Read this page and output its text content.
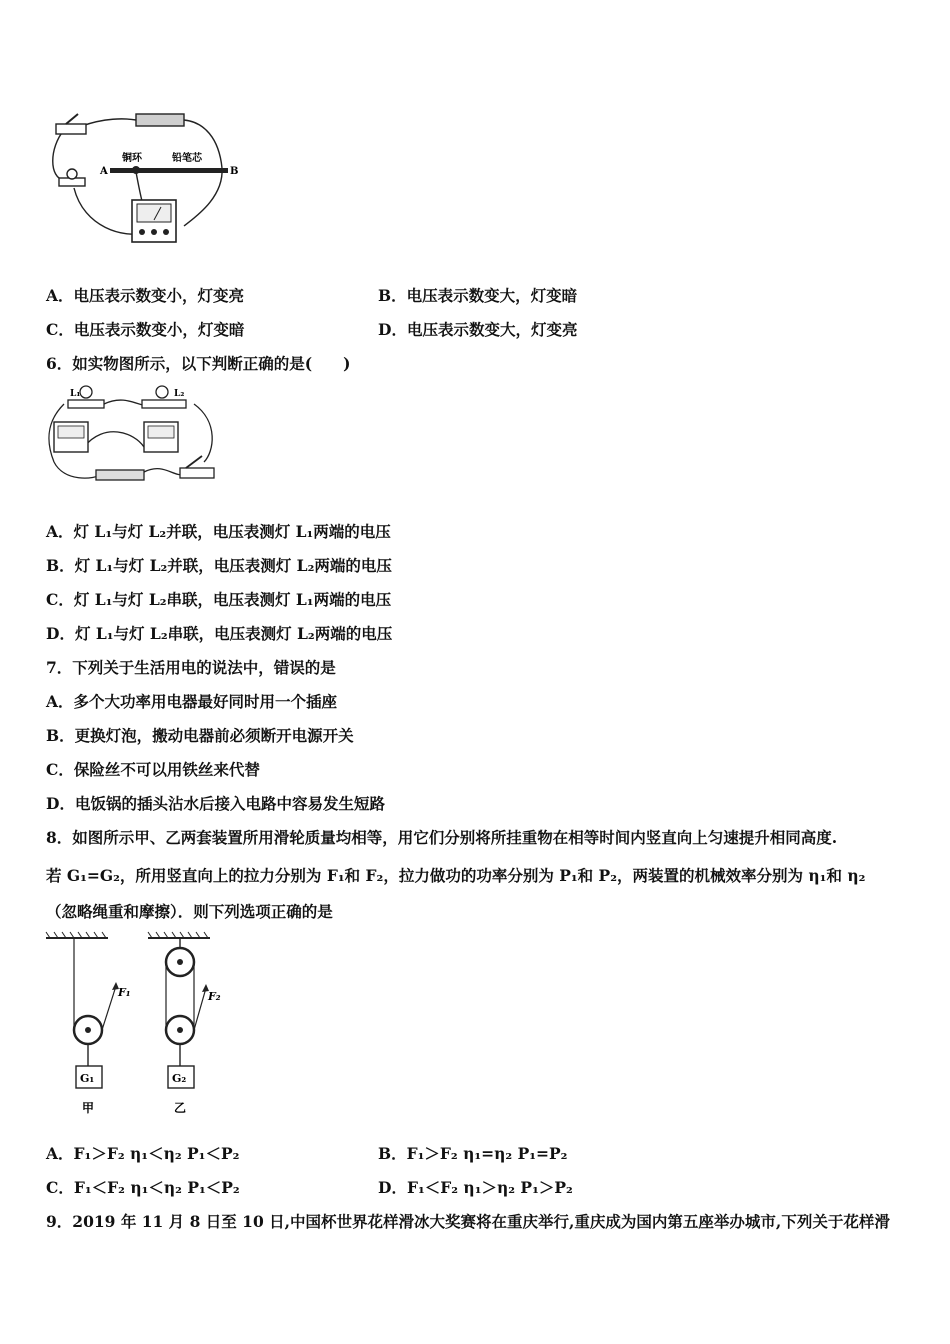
铜环	铅笔芯
A	B
A．电压表示数变小，灯变亮	B．电压表示数变大，灯变暗
C．电压表示数变小，灯变暗	D．电压表示数变大，灯变亮
6．如实物图所示，以下判断正确的是(　　)
L₁	L₂
A．灯 L₁与灯 L₂并联，电压表测灯 L₁两端的电压
B．灯 L₁与灯 L₂并联，电压表测灯 L₂两端的电压
C．灯 L₁与灯 L₂串联，电压表测灯 L₁两端的电压
D．灯 L₁与灯 L₂串联，电压表测灯 L₂两端的电压
7．下列关于生活用电的说法中，错误的是
A．多个大功率用电器最好同时用一个插座
B．更换灯泡，搬动电器前必须断开电源开关
C．保险丝不可以用铁丝来代替
D．电饭锅的插头沾水后接入电路中容易发生短路
8．如图所示甲、乙两套装置所用滑轮质量均相等，用它们分别将所挂重物在相等时间内竖直向上匀速提升相同高度.
若 G₁=G₂，所用竖直向上的拉力分别为 F₁和 F₂，拉力做功的功率分别为 P₁和 P₂，两装置的机械效率分别为 η₁和 η₂
（忽略绳重和摩擦）．则下列选项正确的是
F₁
G₁
甲
F₂
G₂
乙
A．F₁＞F₂ η₁＜η₂ P₁＜P₂	B．F₁＞F₂ η₁=η₂ P₁=P₂
C．F₁＜F₂ η₁＜η₂ P₁＜P₂	D．F₁＜F₂ η₁＞η₂ P₁＞P₂
9．2019 年 11 月 8 日至 10 日,中国杯世界花样滑冰大奖赛将在重庆举行,重庆成为国内第五座举办城市,下列关于花样滑
